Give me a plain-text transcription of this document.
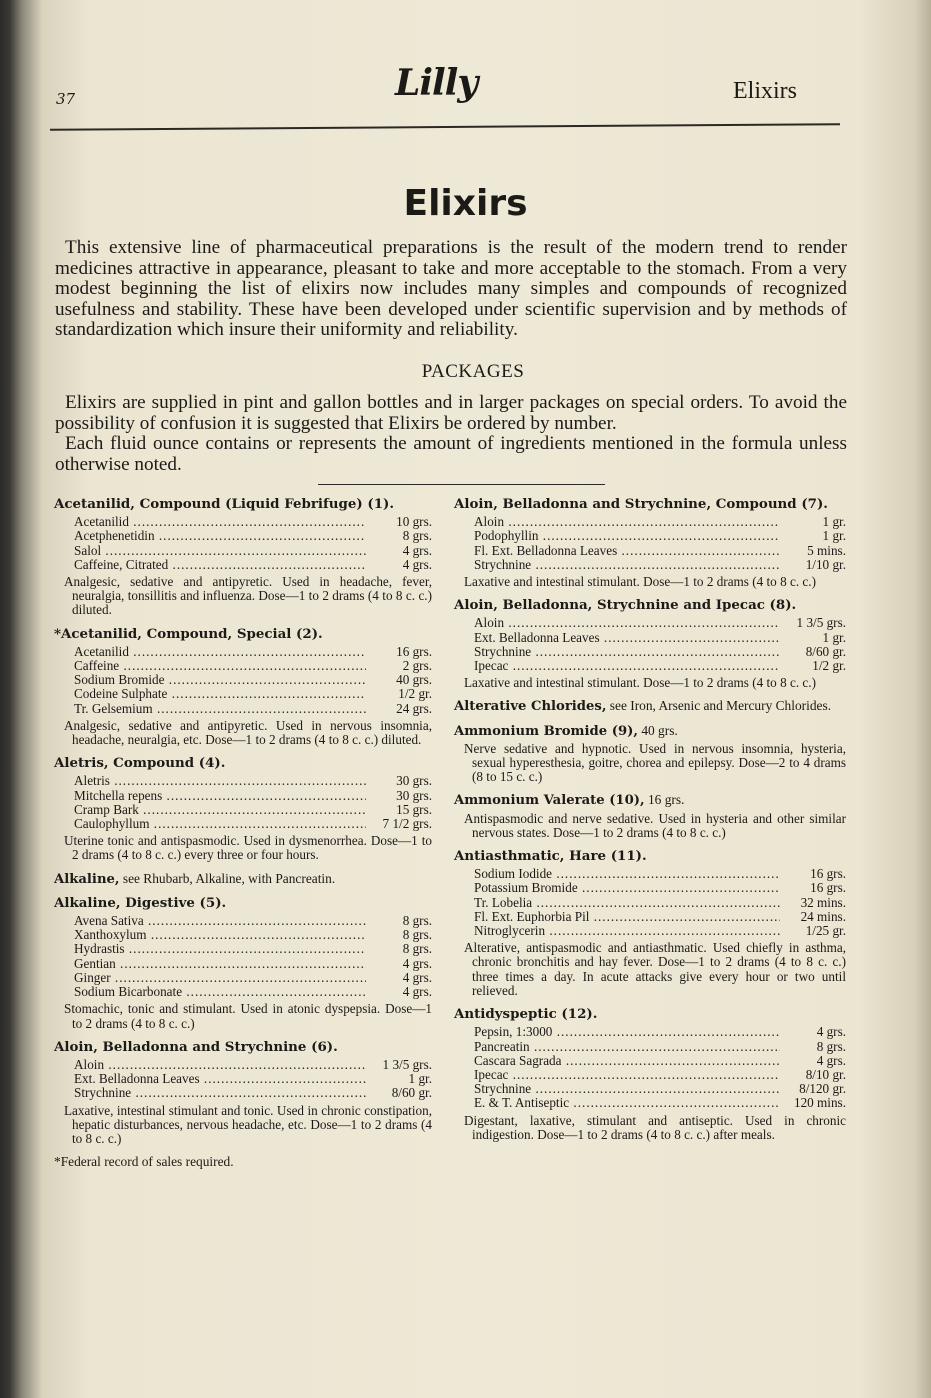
37	Lilly	Elixirs
Elixirs

This extensive line of pharmaceutical preparations is the result of the modern trend to render medicines attractive in appearance, pleasant to take and more acceptable to the stomach. From a very modest beginning the list of elixirs now includes many simples and compounds of recognized usefulness and stability. These have been developed under scientific supervision and by methods of standardization which insure their uniformity and reliability.

PACKAGES

Elixirs are supplied in pint and gallon bottles and in larger packages on special orders. To avoid the possibility of confusion it is suggested that Elixirs be ordered by number.

Each fluid ounce contains or represents the amount of ingredients mentioned in the formula unless otherwise noted.

Acetanilid, Compound (Liquid Febrifuge) (1).
Acetanilid .....	10 grs.
Acetphenetidin .....	8 grs.
Salol .....	4 grs.
Caffeine, Citrated .....	4 grs.

Analgesic, sedative and antipyretic. Used in headache, fever, neuralgia, tonsillitis and influenza. Dose—1 to 2 drams (4 to 8 c. c.) diluted.

*Acetanilid, Compound, Special (2).
Acetanilid .....	16 grs.
Caffeine .....	2 grs.
Sodium Bromide .....	40 grs.
Codeine Sulphate .....	1/2 gr.
Tr. Gelsemium .....	24 grs.

Analgesic, sedative and antipyretic. Used in nervous insomnia, headache, neuralgia, etc. Dose—1 to 2 drams (4 to 8 c. c.) diluted.

Aletris, Compound (4).
Aletris .....	30 grs.
Mitchella repens .....	30 grs.
Cramp Bark .....	15 grs.
Caulophyllum .....	7 1/2 grs.

Uterine tonic and antispasmodic. Used in dysmenorrhea. Dose—1 to 2 drams (4 to 8 c. c.) every three or four hours.

Alkaline, see Rhubarb, Alkaline, with Pancreatin.
Alkaline, Digestive (5).
Avena Sativa .....	8 grs.
Xanthoxylum .....	8 grs.
Hydrastis .....	8 grs.
Gentian .....	4 grs.
Ginger .....	4 grs.
Sodium Bicarbonate .....	4 grs.

Stomachic, tonic and stimulant. Used in atonic dyspepsia. Dose—1 to 2 drams (4 to 8 c. c.)

Aloin, Belladonna and Strychnine (6).
Aloin .....	1 3/5 grs.
Ext. Belladonna Leaves .....	1 gr.
Strychnine .....	8/60 gr.

Laxative, intestinal stimulant and tonic. Used in chronic constipation, hepatic disturbances, nervous headache, etc. Dose—1 to 2 drams (4 to 8 c. c.)

*Federal record of sales required.
Aloin, Belladonna and Strychnine, Compound (7).
Aloin .....	1 gr.
Podophyllin .....	1 gr.
Fl. Ext. Belladonna Leaves .....	5 mins.
Strychnine .....	1/10 gr.

Laxative and intestinal stimulant. Dose—1 to 2 drams (4 to 8 c. c.)

Aloin, Belladonna, Strychnine and Ipecac (8).
Aloin .....	1 3/5 grs.
Ext. Belladonna Leaves .....	1 gr.
Strychnine .....	8/60 gr.
Ipecac .....	1/2 gr.

Laxative and intestinal stimulant. Dose—1 to 2 drams (4 to 8 c. c.)

Alterative Chlorides, see Iron, Arsenic and Mercury Chlorides.
Ammonium Bromide (9), 40 grs.

Nerve sedative and hypnotic. Used in nervous insomnia, hysteria, sexual hyperesthesia, goitre, chorea and epilepsy. Dose—2 to 4 drams (8 to 15 c. c.)

Ammonium Valerate (10), 16 grs.

Antispasmodic and nerve sedative. Used in hysteria and other similar nervous states. Dose—1 to 2 drams (4 to 8 c. c.)

Antiasthmatic, Hare (11).
Sodium Iodide .....	16 grs.
Potassium Bromide .....	16 grs.
Tr. Lobelia .....	32 mins.
Fl. Ext. Euphorbia Pil .....	24 mins.
Nitroglycerin .....	1/25 gr.

Alterative, antispasmodic and antiasthmatic. Used chiefly in asthma, chronic bronchitis and hay fever. Dose—1 to 2 drams (4 to 8 c. c.) three times a day. In acute attacks give every hour or two until relieved.

Antidyspeptic (12).
Pepsin, 1:3000 .....	4 grs.
Pancreatin .....	8 grs.
Cascara Sagrada .....	4 grs.
Ipecac .....	8/10 gr.
Strychnine .....	8/120 gr.
E. & T. Antiseptic .....	120 mins.

Digestant, laxative, stimulant and antiseptic. Used in chronic indigestion. Dose—1 to 2 drams (4 to 8 c. c.) after meals.
